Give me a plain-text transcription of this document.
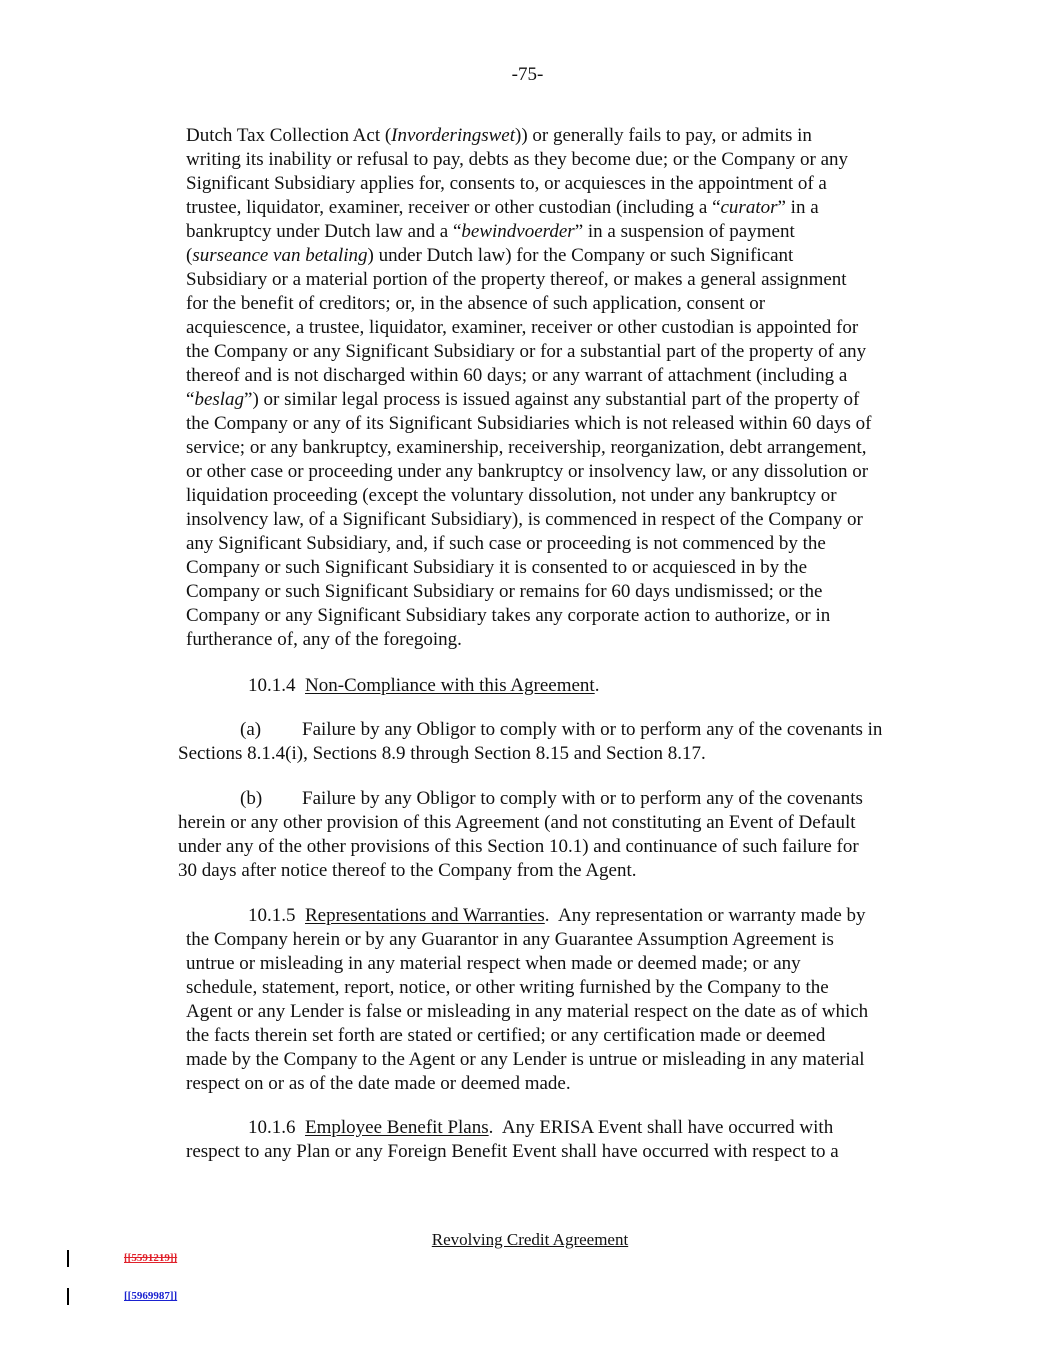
-75-
Dutch Tax Collection Act (Invorderingswet)) or generally fails to pay, or admits in
writing its inability or refusal to pay, debts as they become due; or the Company or any
Significant Subsidiary applies for, consents to, or acquiesces in the appointment of a
trustee, liquidator, examiner, receiver or other custodian (including a “curator” in a
bankruptcy under Dutch law and a “bewindvoerder” in a suspension of payment
(surseance van betaling) under Dutch law) for the Company or such Significant
Subsidiary or a material portion of the property thereof, or makes a general assignment
for the benefit of creditors; or, in the absence of such application, consent or
acquiescence, a trustee, liquidator, examiner, receiver or other custodian is appointed for
the Company or any Significant Subsidiary or for a substantial part of the property of any
thereof and is not discharged within 60 days; or any warrant of attachment (including a
“beslag”) or similar legal process is issued against any substantial part of the property of
the Company or any of its Significant Subsidiaries which is not released within 60 days of
service; or any bankruptcy, examinership, receivership, reorganization, debt arrangement,
or other case or proceeding under any bankruptcy or insolvency law, or any dissolution or
liquidation proceeding (except the voluntary dissolution, not under any bankruptcy or
insolvency law, of a Significant Subsidiary), is commenced in respect of the Company or
any Significant Subsidiary, and, if such case or proceeding is not commenced by the
Company or such Significant Subsidiary it is consented to or acquiesced in by the
Company or such Significant Subsidiary or remains for 60 days undismissed; or the
Company or any Significant Subsidiary takes any corporate action to authorize, or in
furtherance of, any of the foregoing.
10.1.4 Non-Compliance with this Agreement.
(a) Failure by any Obligor to comply with or to perform any of the covenants in
Sections 8.1.4(i), Sections 8.9 through Section 8.15 and Section 8.17.
(b) Failure by any Obligor to comply with or to perform any of the covenants
herein or any other provision of this Agreement (and not constituting an Event of Default
under any of the other provisions of this Section 10.1) and continuance of such failure for
30 days after notice thereof to the Company from the Agent.
10.1.5 Representations and Warranties.  Any representation or warranty made by
the Company herein or by any Guarantor in any Guarantee Assumption Agreement is
untrue or misleading in any material respect when made or deemed made; or any
schedule, statement, report, notice, or other writing furnished by the Company to the
Agent or any Lender is false or misleading in any material respect on the date as of which
the facts therein set forth are stated or certified; or any certification made or deemed
made by the Company to the Agent or any Lender is untrue or misleading in any material
respect on or as of the date made or deemed made.
10.1.6 Employee Benefit Plans.  Any ERISA Event shall have occurred with
respect to any Plan or any Foreign Benefit Event shall have occurred with respect to a
Revolving Credit Agreement
[[5591219]]
[[5969987]]
